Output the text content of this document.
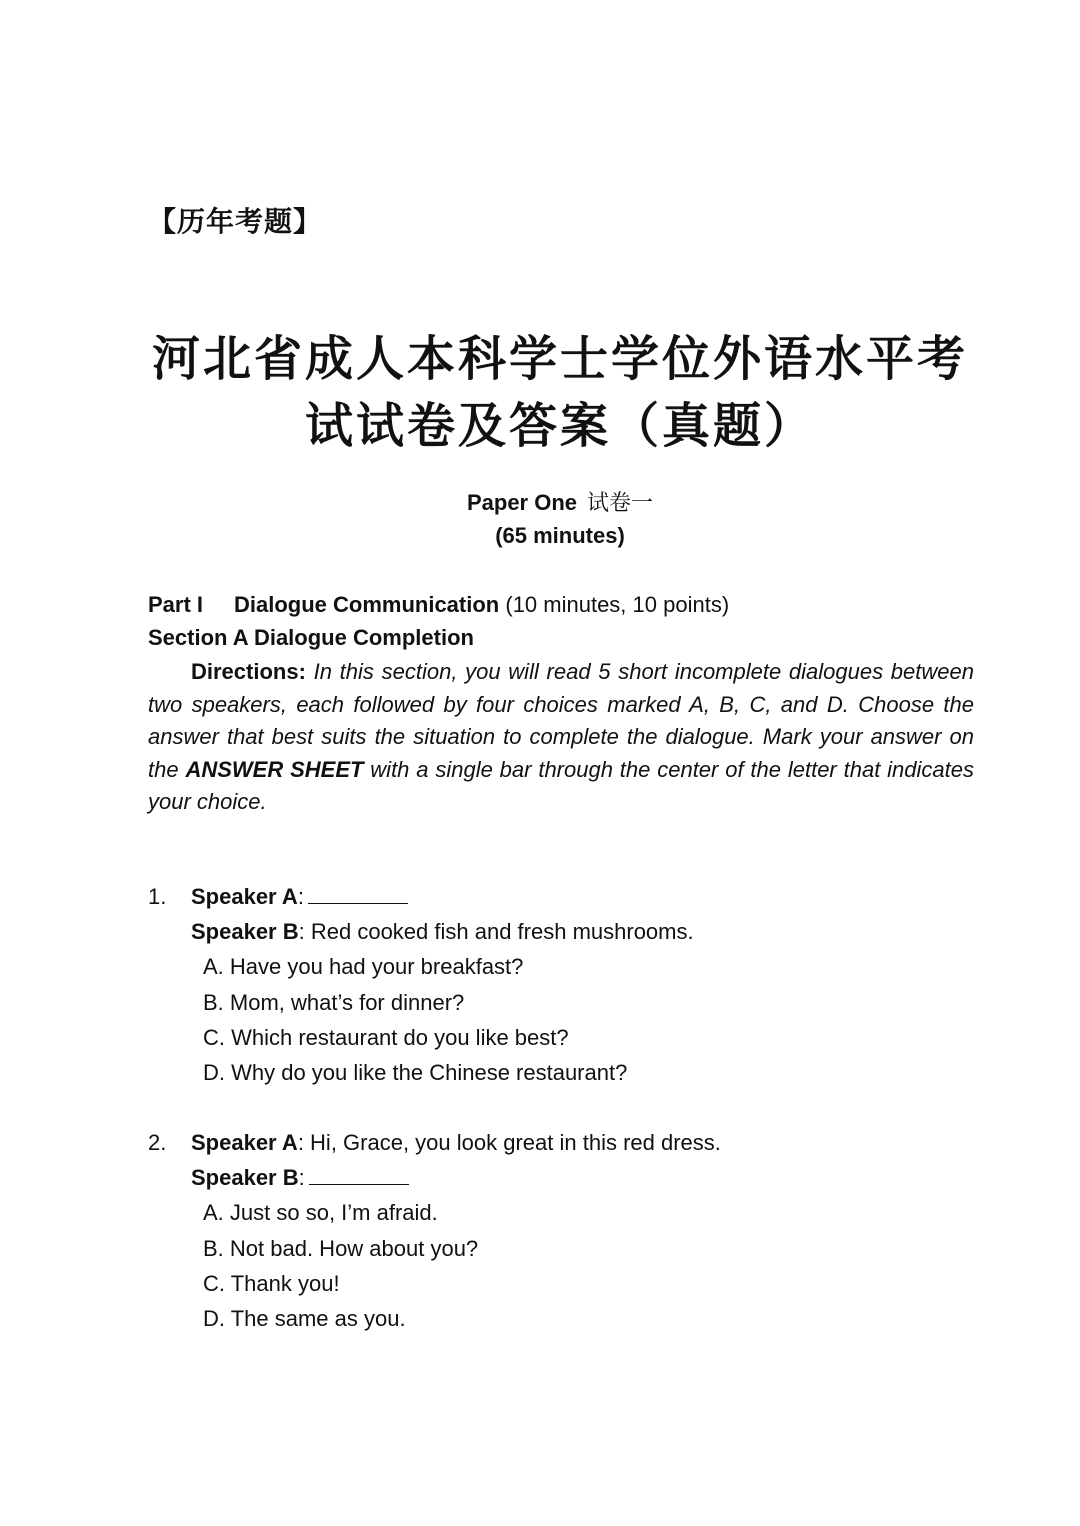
【历年考题】
河北省成人本科学士学位外语水平考
试试卷及答案（真题）
Paper One 试卷一
(65 minutes)
Part I Dialogue Communication (10 minutes, 10 points)
Section A Dialogue Completion
Directions: In this section, you will read 5 short incomplete dialogues between two speakers, each followed by four choices marked A, B, C, and D. Choose the answer that best suits the situation to complete the dialogue. Mark your answer on the ANSWER SHEET with a single bar through the center of the letter that indicates your choice.
1. Speaker A:
Speaker B: Red cooked fish and fresh mushrooms.
A. Have you had your breakfast?
B. Mom, what’s for dinner?
C. Which restaurant do you like best?
D. Why do you like the Chinese restaurant?
2. Speaker A: Hi, Grace, you look great in this red dress.
Speaker B:
A. Just so so, I’m afraid.
B. Not bad. How about you?
C. Thank you!
D. The same as you.
